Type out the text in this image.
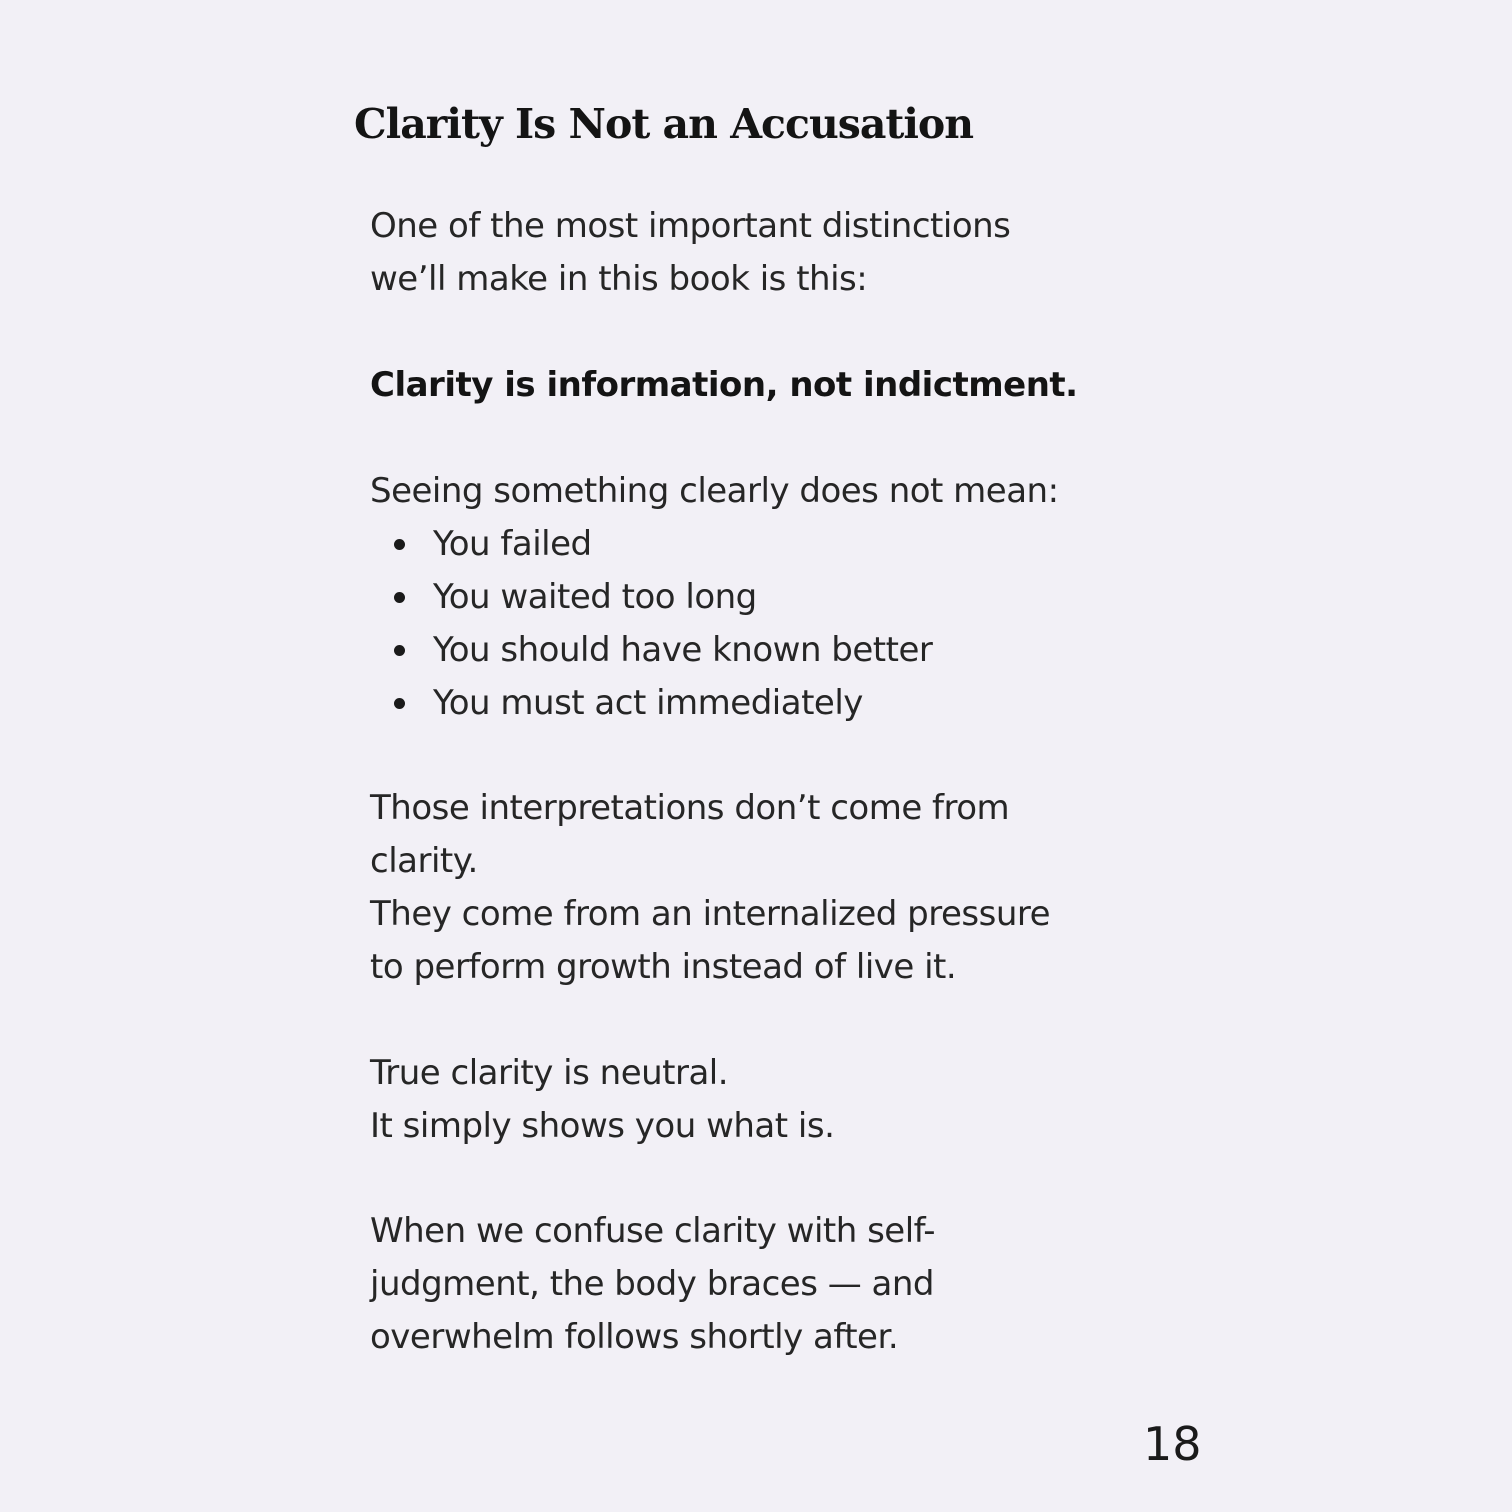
Clarity Is Not an Accusation

One of the most important distinctions
we’ll make in this book is this:

Clarity is information, not indictment.

Seeing something clearly does not mean:
You failed
You waited too long
You should have known better
You must act immediately

Those interpretations don’t come from
clarity.
They come from an internalized pressure
to perform growth instead of live it.

True clarity is neutral.
It simply shows you what is.

When we confuse clarity with self-
judgment, the body braces — and
overwhelm follows shortly after.

18
